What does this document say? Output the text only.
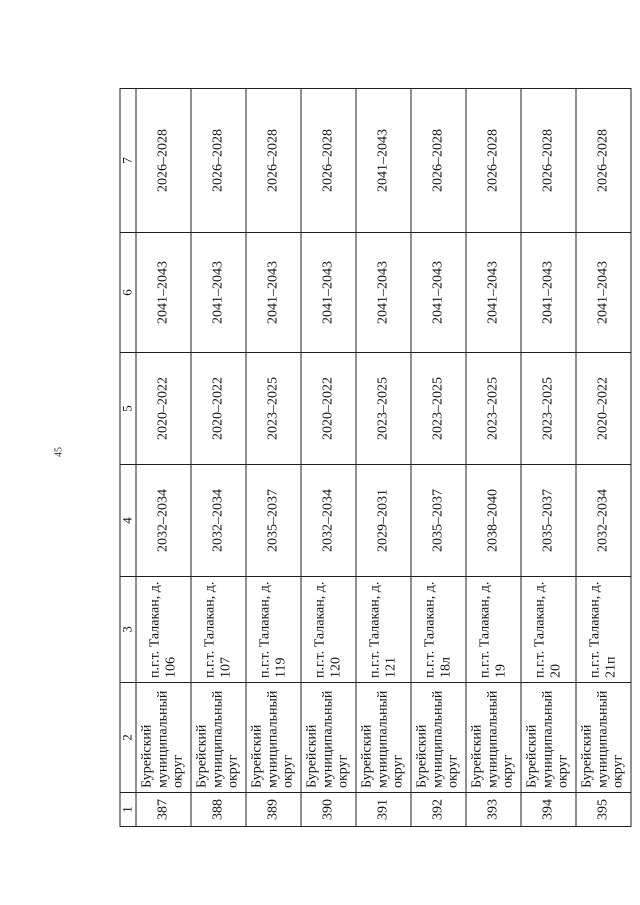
45
1	2	3	4	5	6	7
387	Бурейский муниципальный округ	п.г.т. Талакан, д. 106	2032–2034	2020–2022	2041–2043	2026–2028
388	Бурейский муниципальный округ	п.г.т. Талакан, д. 107	2032–2034	2020–2022	2041–2043	2026–2028
389	Бурейский муниципальный округ	п.г.т. Талакан, д. 119	2035–2037	2023–2025	2041–2043	2026–2028
390	Бурейский муниципальный округ	п.г.т. Талакан, д. 120	2032–2034	2020–2022	2041–2043	2026–2028
391	Бурейский муниципальный округ	п.г.т. Талакан, д. 121	2029–2031	2023–2025	2041–2043	2041–2043
392	Бурейский муниципальный округ	п.г.т. Талакан, д. 18л	2035–2037	2023–2025	2041–2043	2026–2028
393	Бурейский муниципальный округ	п.г.т. Талакан, д. 19	2038–2040	2023–2025	2041–2043	2026–2028
394	Бурейский муниципальный округ	п.г.т. Талакан, д. 20	2035–2037	2023–2025	2041–2043	2026–2028
395	Бурейский муниципальный округ	п.г.т. Талакан, д. 21п	2032–2034	2020–2022	2041–2043	2026–2028
